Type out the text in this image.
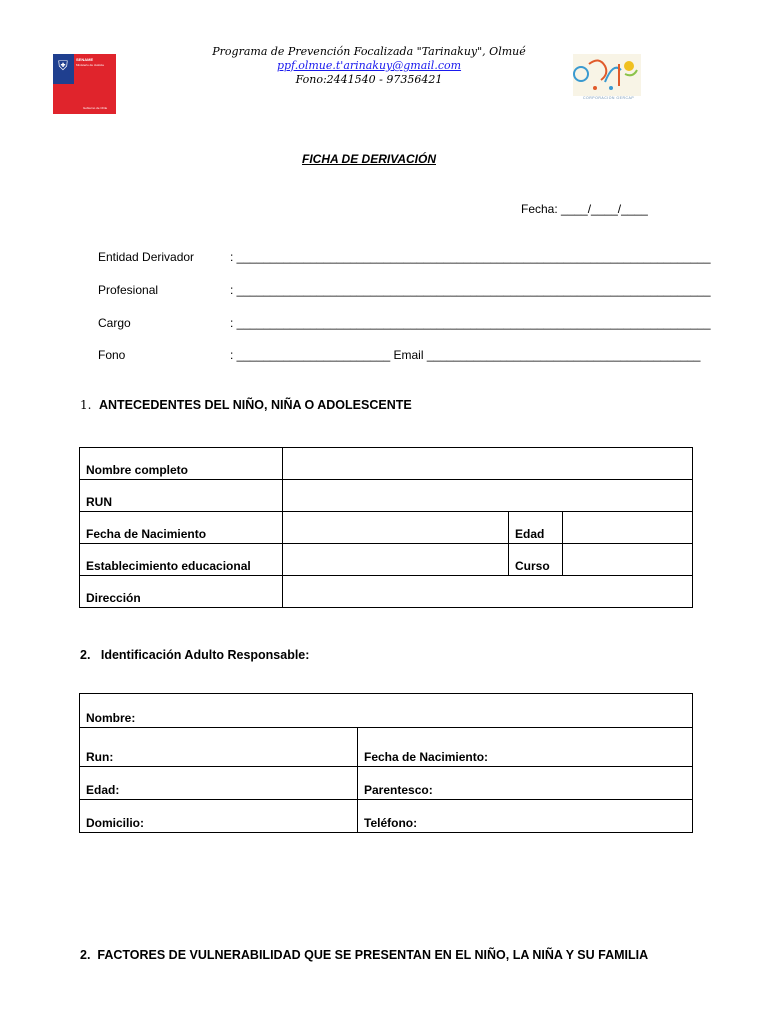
⛨	SENAME
Ministerio de Justicia
Gobierno de Chile
CORPORACION GERCAP
Programa de Prevención Focalizada "Tarinakuy", Olmué
ppf.olmue.t'arinakuy@gmail.com
Fono:2441540 - 97356421
FICHA DE DERIVACIÓN
Fecha: ____/____/____
Entidad Derivador	: _______________________________________________________________________
Profesional	: _______________________________________________________________________
Cargo	: _______________________________________________________________________
Fono	: _______________________ Email _________________________________________
1. ANTECEDENTES DEL NIÑO, NIÑA O ADOLESCENTE
Nombre completo			
RUN			
Fecha de Nacimiento		Edad	
Establecimiento educacional		Curso	
Dirección			
2.   Identificación Adulto Responsable:
Nombre:	
Run:	Fecha de Nacimiento:
Edad:	Parentesco:
Domicilio:	Teléfono:
2.  FACTORES DE VULNERABILIDAD QUE SE PRESENTAN EN EL NIÑO, LA NIÑA Y SU FAMILIA
